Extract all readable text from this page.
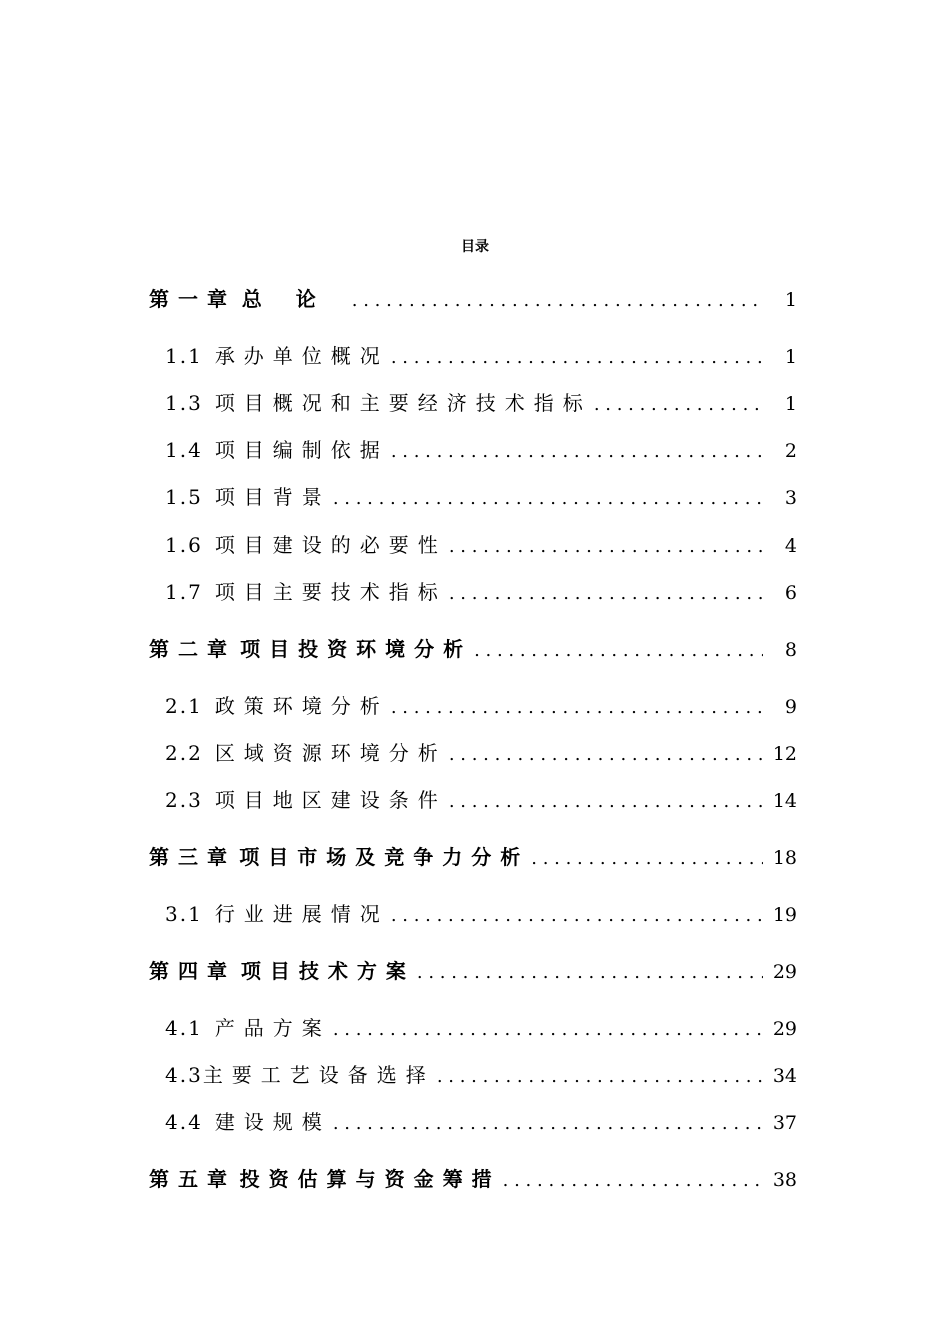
目录
第一章 总论 . . .	1
1.1 承办单位概况 . . .	1
1.3 项目概况和主要经济技术指标 . . .	1
1.4 项目编制依据 . . .	2
1.5 项目背景 . . .	3
1.6 项目建设的必要性 . . .	4
1.7 项目主要技术指标 . . .	6
第二章 项目投资环境分析 . . .	8
2.1 政策环境分析 . . .	9
2.2 区域资源环境分析 . . .	12
2.3 项目地区建设条件 . . .	14
第三章 项目市场及竞争力分析 . . .	18
3.1 行业进展情况 . . .	19
第四章 项目技术方案 . . .	29
4.1 产品方案 . . .	29
4.3 主要工艺设备选择 . . .	34
4.4 建设规模 . . .	37
第五章 投资估算与资金筹措 . . .	38
